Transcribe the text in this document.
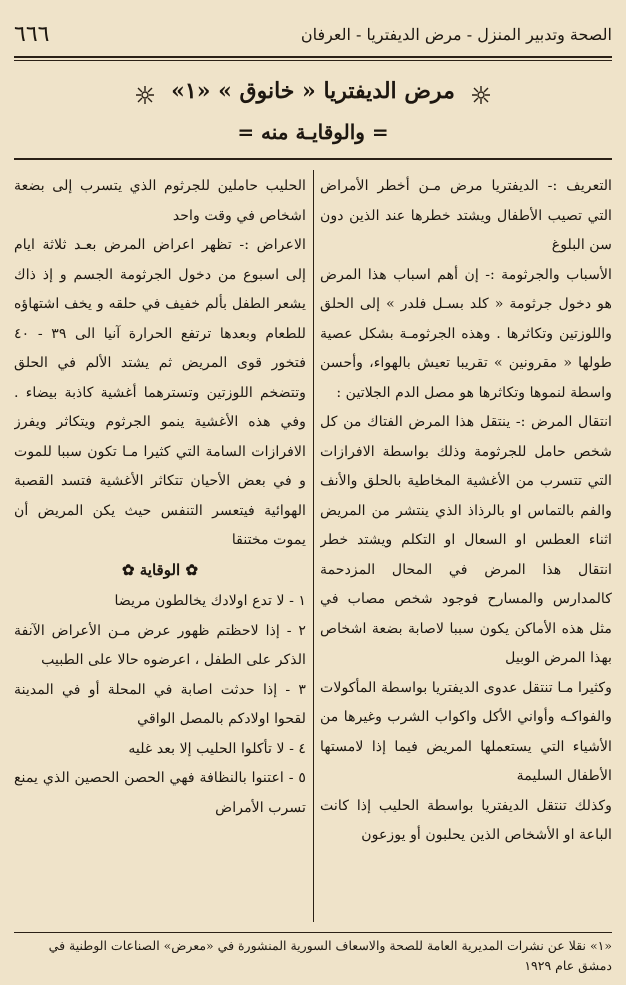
٦٦٦	الصحة وتدبير المنزل - مرض الديفتريا - العرفان
مرض الديفتريا « خانوق » «١»
= والوقايـة منه =

التعريف :- الديفتريا مرض مـن أخطر الأمراض التي تصيب الأطفال ويشتد خطرها عند الذين دون سن البلوغ

الأسباب والجرثومة :- إن أهم اسباب هذا المرض هو دخول جرثومة « كلد بسـل فلدر » إلى الحلق واللوزتين وتكاثرها . وهذه الجرثومـة بشكل عصية طولها « مقرونين » تقريبا تعيش بالهواء، وأحسن واسطة لنموها وتكاثرها هو مصل الدم الجلاتين :

انتقال المرض :- ينتقل هذا المرض الفتاك من كل شخص حامل للجرثومة وذلك بواسطة الافرازات التي تتسرب من الأغشية المخاطية بالحلق والأنف والفم بالتماس او بالرذاذ الذي ينتشر من المريض اثناء العطس او السعال او التكلم ويشتد خطر انتقال هذا المرض في المحال المزدحمة كالمدارس والمسارح فوجود شخص مصاب في مثل هذه الأماكن يكون سببا لاصابة بضعة اشخاص بهذا المرض الوبيل

وكثيرا مـا تنتقل عدوى الديفتريا بواسطة المأكولات والفواكـه وأواني الأكل واكواب الشرب وغيرها من الأشياء التي يستعملها المريض فيما إذا لامستها الأطفال السليمة

وكذلك تنتقل الديفتريا بواسطة الحليب إذا كانت الباعة او الأشخاص الذين يحلبون أو يوزعون

الحليب حاملين للجرثوم الذي يتسرب إلى بضعة اشخاص في وقت واحد

الاعراض :- تظهر اعراض المرض بعـد ثلاثة ايام إلى اسبوع من دخول الجرثومة الجسم و إذ ذاك يشعر الطفل بألم خفيف في حلقه و يخف اشتهاؤه للطعام وبعدها ترتفع الحرارة آنيا الى ٣٩ - ٤٠ فتخور قوى المريض ثم يشتد الألم في الحلق وتتضخم اللوزتين وتسترهما أغشية كاذبة بيضاء . وفي هذه الأغشية ينمو الجرثوم ويتكاثر ويفرز الافرازات السامة التي كثيرا مـا تكون سببا للموت و في بعض الأحيان تتكاثر الأغشية فتسد القصبة الهوائية فيتعسر التنفس حيث يكن المريض أن يموت مختنقا

✿ الوقاية ✿

١ - لا تدع اولادك يخالطون مريضا

٢ - إذا لاحظتم ظهور عرض مـن الأعراض الآنفة الذكر على الطفل ، اعرضوه حالا على الطبيب

٣ - إذا حدثت اصابة في المحلة أو في المدينة لقحوا اولادكم بالمصل الواقي

٤ - لا تأكلوا الحليب إلا بعد غليه

٥ - اعتنوا بالنظافة فهي الحصن الحصين الذي يمنع تسرب الأمراض

«١» نقلا عن نشرات المديرية العامة للصحة والاسعاف السورية المنشورة في «معرض» الصناعات الوطنية في دمشق عام ١٩٢٩
